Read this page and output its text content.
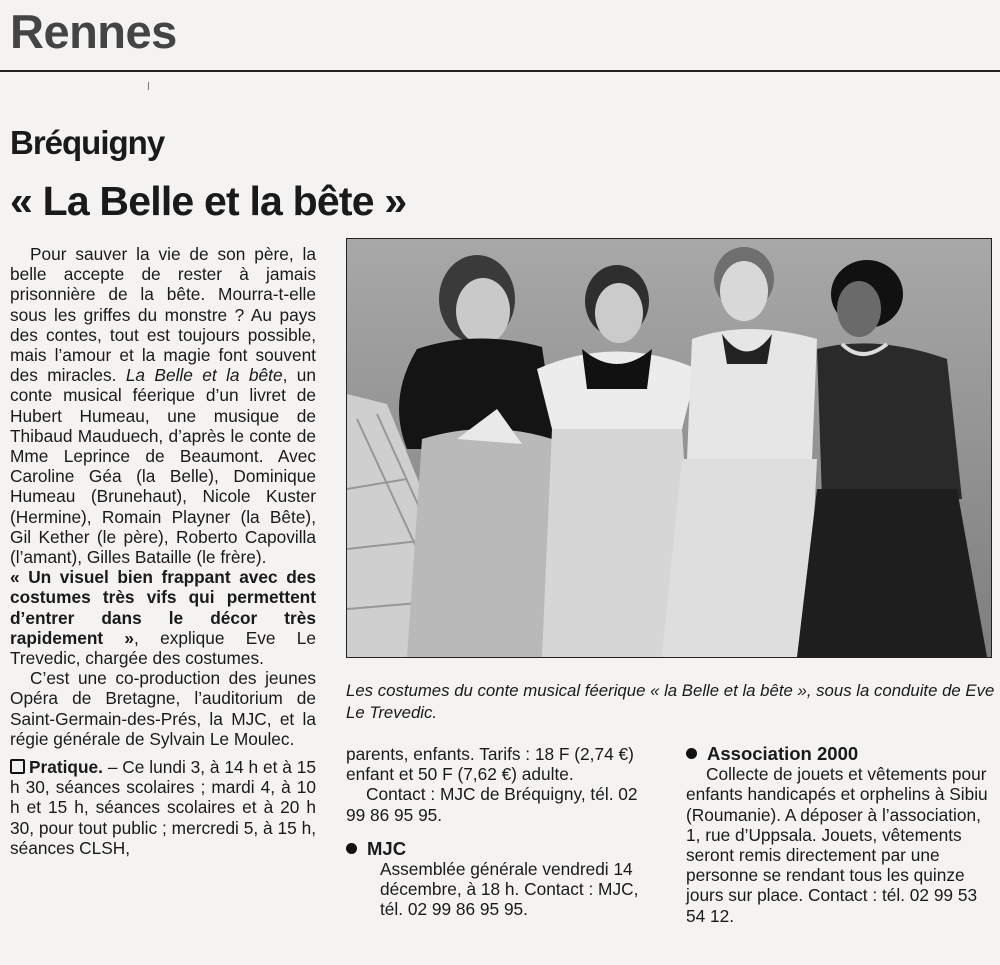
Rennes
Bréquigny
« La Belle et la bête »

Pour sauver la vie de son père, la belle accepte de rester à jamais prisonnière de la bête. Mourra-t-elle sous les griffes du monstre ? Au pays des contes, tout est toujours possible, mais l’amour et la magie font souvent des miracles. La Belle et la bête, un conte musical féerique d’un livret de Hubert Humeau, une musique de Thibaud Mauduech, d’après le conte de Mme Leprince de Beaumont. Avec Caroline Géa (la Belle), Dominique Humeau (Brunehaut), Nicole Kuster (Hermine), Romain Playner (la Bête), Gil Kether (le père), Roberto Capovilla (l’amant), Gilles Bataille (le frère).

« Un visuel bien frappant avec des costumes très vifs qui permettent d’entrer dans le décor très rapidement », explique Eve Le Trevedic, chargée des costumes.

C’est une co-production des jeunes Opéra de Bretagne, l’auditorium de Saint-Germain-des-Prés, la MJC, et la régie générale de Sylvain Le Moulec.

Pratique. – Ce lundi 3, à 14 h et à 15 h 30, séances scolaires ; mardi 4, à 10 h et 15 h, séances scolaires et à 20 h 30, pour tout public ; mercredi 5, à 15 h, séances CLSH,

Les costumes du conte musical féerique « la Belle et la bête », sous la conduite de Eve Le Trevedic.

parents, enfants. Tarifs : 18 F (2,74 €) enfant et 50 F (7,62 €) adulte.

Contact : MJC de Bréquigny, tél. 02 99 86 95 95.

MJC

Assemblée générale vendredi 14 décembre, à 18 h. Contact : MJC, tél. 02 99 86 95 95.

Association 2000

Collecte de jouets et vêtements pour enfants handicapés et orphelins à Sibiu (Roumanie). A déposer à l’association, 1, rue d’Uppsala. Jouets, vêtements seront remis directement par une personne se rendant tous les quinze jours sur place. Contact : tél. 02 99 53 54 12.
